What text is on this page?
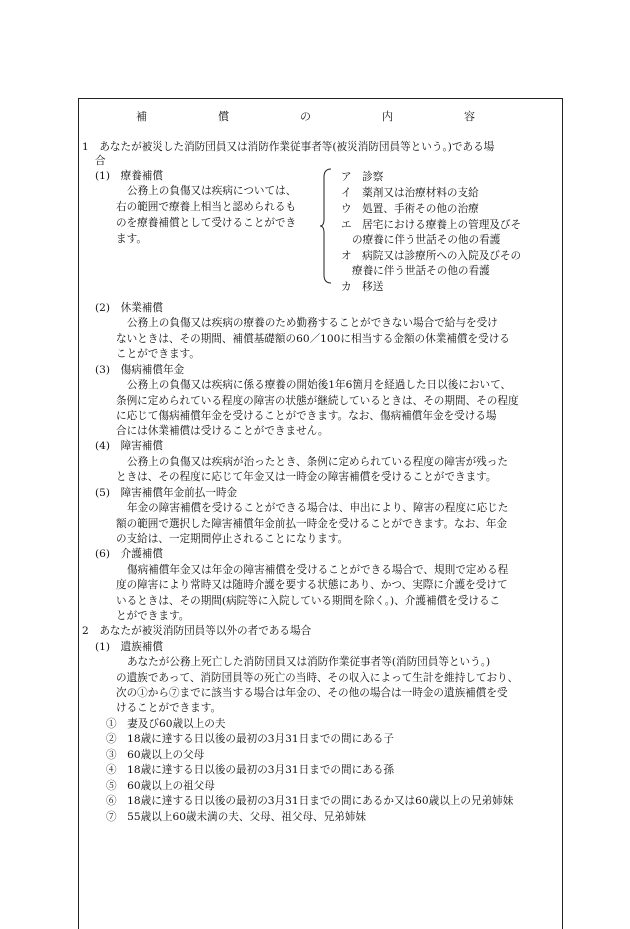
補　償　の　内　容
1　あなたが被災した消防団員又は消防作業従事者等(被災消防団員等という。)である場
合
(1)　療養補償
公務上の負傷又は疾病については、
右の範囲で療養上相当と認められるも
のを療養補償として受けることができ
ます。
ア　診察
イ　薬剤又は治療材料の支給
ウ　処置、手術その他の治療
エ　居宅における療養上の管理及びそ
の療養に伴う世話その他の看護
オ　病院又は診療所への入院及びその
療養に伴う世話その他の看護
カ　移送
(2)　休業補償
公務上の負傷又は疾病の療養のため勤務することができない場合で給与を受け
ないときは、その期間、補償基礎額の60／100に相当する金額の休業補償を受ける
ことができます。
(3)　傷病補償年金
公務上の負傷又は疾病に係る療養の開始後1年6箇月を経過した日以後において、
条例に定められている程度の障害の状態が継続しているときは、その期間、その程度
に応じて傷病補償年金を受けることができます。なお、傷病補償年金を受ける場
合には休業補償は受けることができません。
(4)　障害補償
公務上の負傷又は疾病が治ったとき、条例に定められている程度の障害が残った
ときは、その程度に応じて年金又は一時金の障害補償を受けることができます。
(5)　障害補償年金前払一時金
年金の障害補償を受けることができる場合は、申出により、障害の程度に応じた
額の範囲で選択した障害補償年金前払一時金を受けることができます。なお、年金
の支給は、一定期間停止されることになります。
(6)　介護補償
傷病補償年金又は年金の障害補償を受けることができる場合で、規則で定める程
度の障害により常時又は随時介護を要する状態にあり、かつ、実際に介護を受けて
いるときは、その期間(病院等に入院している期間を除く。)、介護補償を受けるこ
とができます。
2　あなたが被災消防団員等以外の者である場合
(1)　遺族補償
あなたが公務上死亡した消防団員又は消防作業従事者等(消防団員等という。)
の遺族であって、消防団員等の死亡の当時、その収入によって生計を維持しており、
次の①から⑦までに該当する場合は年金の、その他の場合は一時金の遺族補償を受
けることができます。
①　妻及び60歳以上の夫
②　18歳に達する日以後の最初の3月31日までの間にある子
③　60歳以上の父母
④　18歳に達する日以後の最初の3月31日までの間にある孫
⑤　60歳以上の祖父母
⑥　18歳に達する日以後の最初の3月31日までの間にあるか又は60歳以上の兄弟姉妹
⑦　55歳以上60歳未満の夫、父母、祖父母、兄弟姉妹
